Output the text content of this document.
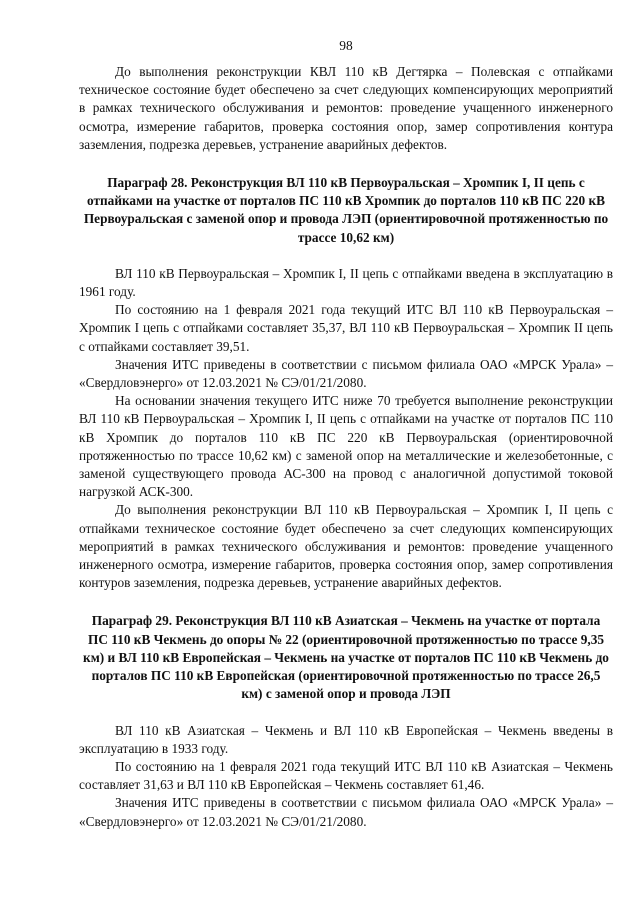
98

До выполнения реконструкции КВЛ 110 кВ Дегтярка – Полевская с отпайками техническое состояние будет обеспечено за счет следующих компенсирующих мероприятий в рамках технического обслуживания и ремонтов: проведение учащенного инженерного осмотра, измерение габаритов, проверка состояния опор, замер сопротивления контура заземления, подрезка деревьев, устранение аварийных дефектов.

Параграф 28. Реконструкция ВЛ 110 кВ Первоуральская – Хромпик I, II цепь с отпайками на участке от порталов ПС 110 кВ Хромпик до порталов 110 кВ ПС 220 кВ Первоуральская с заменой опор и провода ЛЭП (ориентировочной протяженностью по трассе 10,62 км)

ВЛ 110 кВ Первоуральская – Хромпик I, II цепь с отпайками введена в эксплуатацию в 1961 году.

По состоянию на 1 февраля 2021 года текущий ИТС ВЛ 110 кВ Первоуральская – Хромпик I цепь с отпайками составляет 35,37, ВЛ 110 кВ Первоуральская – Хромпик II цепь с отпайками составляет 39,51.

Значения ИТС приведены в соответствии с письмом филиала ОАО «МРСК Урала» – «Свердловэнерго» от 12.03.2021 № СЭ/01/21/2080.

На основании значения текущего ИТС ниже 70 требуется выполнение реконструкции ВЛ 110 кВ Первоуральская – Хромпик I, II цепь с отпайками на участке от порталов ПС 110 кВ Хромпик до порталов 110 кВ ПС 220 кВ Первоуральская (ориентировочной протяженностью по трассе 10,62 км) с заменой опор на металлические и железобетонные, с заменой существующего провода АС-300 на провод с аналогичной допустимой токовой нагрузкой АСК-300.

До выполнения реконструкции ВЛ 110 кВ Первоуральская – Хромпик I, II цепь с отпайками техническое состояние будет обеспечено за счет следующих компенсирующих мероприятий в рамках технического обслуживания и ремонтов: проведение учащенного инженерного осмотра, измерение габаритов, проверка состояния опор, замер сопротивления контуров заземления, подрезка деревьев, устранение аварийных дефектов.

Параграф 29. Реконструкция ВЛ 110 кВ Азиатская – Чекмень на участке от портала ПС 110 кВ Чекмень до опоры № 22 (ориентировочной протяженностью по трассе 9,35 км) и ВЛ 110 кВ Европейская – Чекмень на участке от порталов ПС 110 кВ Чекмень до порталов ПС 110 кВ Европейская (ориентировочной протяженностью по трассе 26,5 км) с заменой опор и провода ЛЭП

ВЛ 110 кВ Азиатская – Чекмень и ВЛ 110 кВ Европейская – Чекмень введены в эксплуатацию в 1933 году.

По состоянию на 1 февраля 2021 года текущий ИТС ВЛ 110 кВ Азиатская – Чекмень составляет 31,63 и ВЛ 110 кВ Европейская – Чекмень составляет 61,46.

Значения ИТС приведены в соответствии с письмом филиала ОАО «МРСК Урала» – «Свердловэнерго» от 12.03.2021 № СЭ/01/21/2080.
